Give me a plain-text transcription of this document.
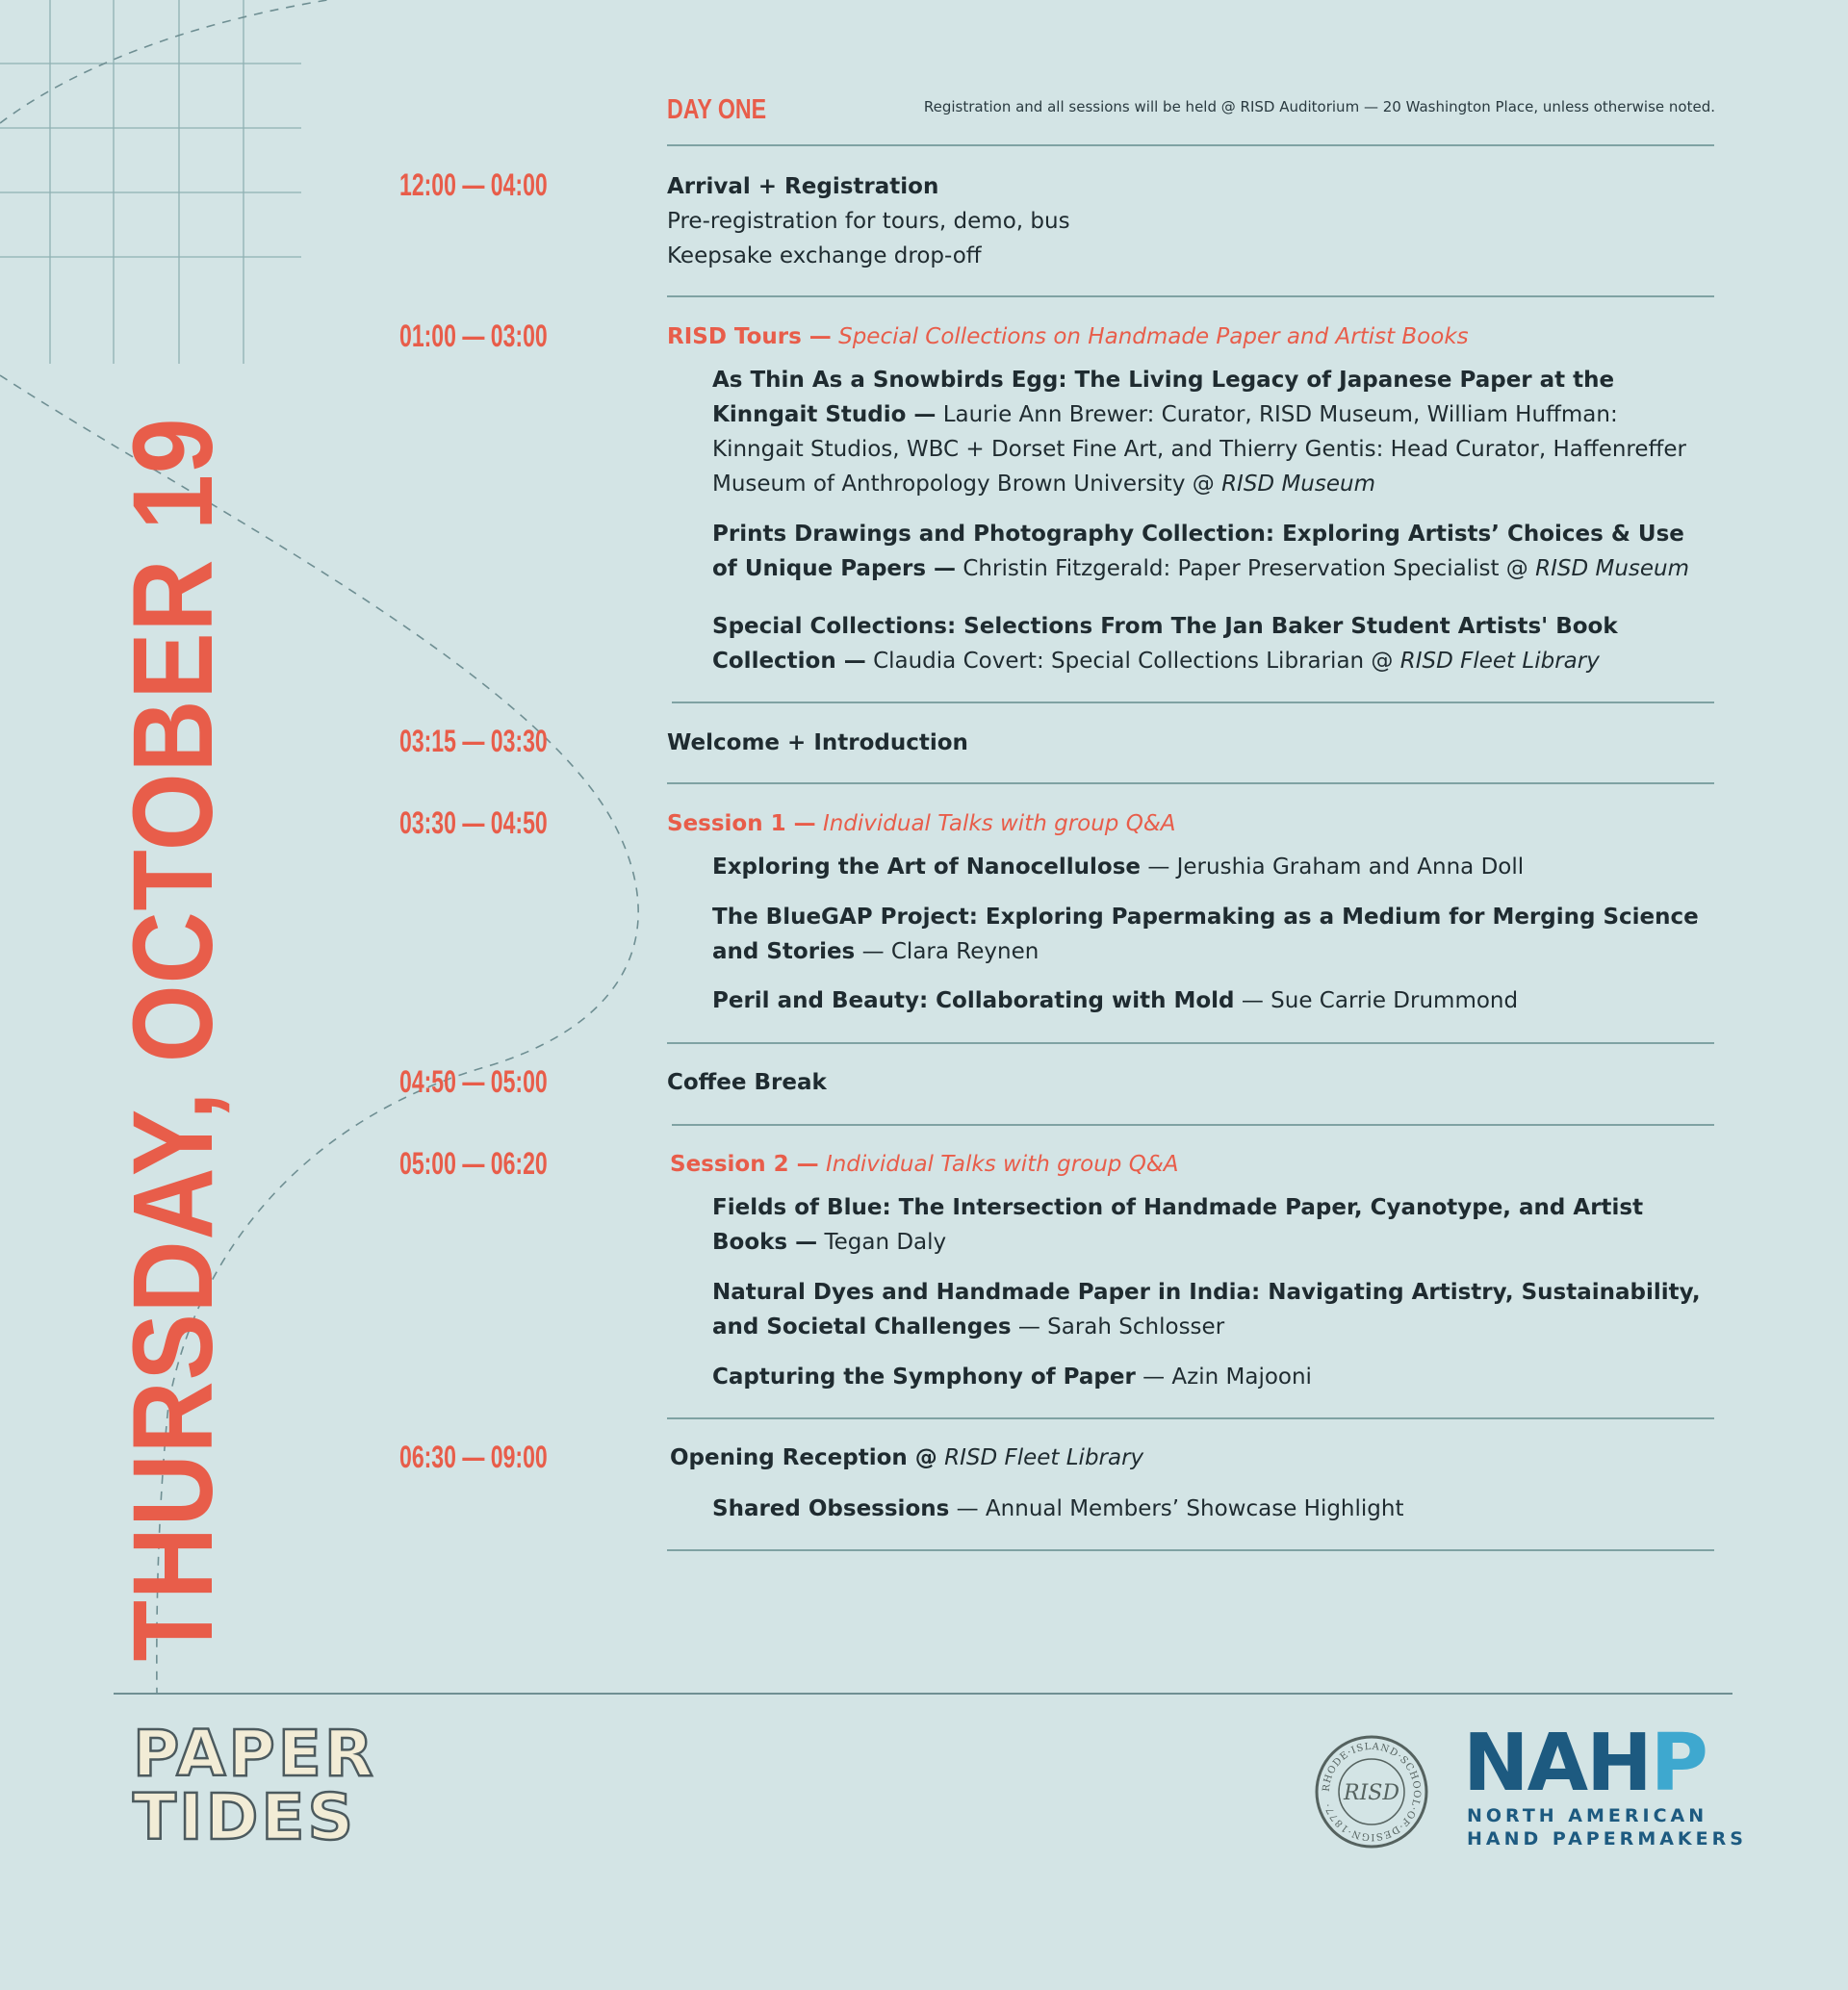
THURSDAY, OCTOBER 19
DAY ONE	Registration and all sessions will be held @ RISD Auditorium — 20 Washington Place, unless otherwise noted.
12:00 — 04:00	Arrival + Registration
Pre-registration for tours, demo, bus
Keepsake exchange drop-off
01:00 — 03:00	RISD Tours — Special Collections on Handmade Paper and Artist Books
As Thin As a Snowbirds Egg: The Living Legacy of Japanese Paper at the Kinngait Studio — Laurie Ann Brewer: Curator, RISD Museum, William Huffman: Kinngait Studios, WBC + Dorset Fine Art, and Thierry Gentis: Head Curator, Haffenreffer Museum of Anthropology Brown University @ RISD Museum
Prints Drawings and Photography Collection: Exploring Artists’ Choices & Use of Unique Papers — Christin Fitzgerald: Paper Preservation Specialist @ RISD Museum
Special Collections: Selections From The Jan Baker Student Artists' Book Collection — Claudia Covert: Special Collections Librarian @ RISD Fleet Library
03:15 — 03:30	Welcome + Introduction
03:30 — 04:50	Session 1 — Individual Talks with group Q&A
Exploring the Art of Nanocellulose — Jerushia Graham and Anna Doll
The BlueGAP Project: Exploring Papermaking as a Medium for Merging Science and Stories — Clara Reynen
Peril and Beauty: Collaborating with Mold — Sue Carrie Drummond
04:50 — 05:00	Coffee Break
05:00 — 06:20	Session 2 — Individual Talks with group Q&A
Fields of Blue: The Intersection of Handmade Paper, Cyanotype, and Artist Books — Tegan Daly
Natural Dyes and Handmade Paper in India: Navigating Artistry, Sustainability, and Societal Challenges — Sarah Schlosser
Capturing the Symphony of Paper — Azin Majooni
06:30 — 09:00	Opening Reception @ RISD Fleet Library
Shared Obsessions — Annual Members’ Showcase Highlight
PAPER
TIDES	RHODE·ISLAND·SCHOOL·OF·DESIGN·1877· RISD NAHP
NORTH AMERICAN
HAND PAPERMAKERS
